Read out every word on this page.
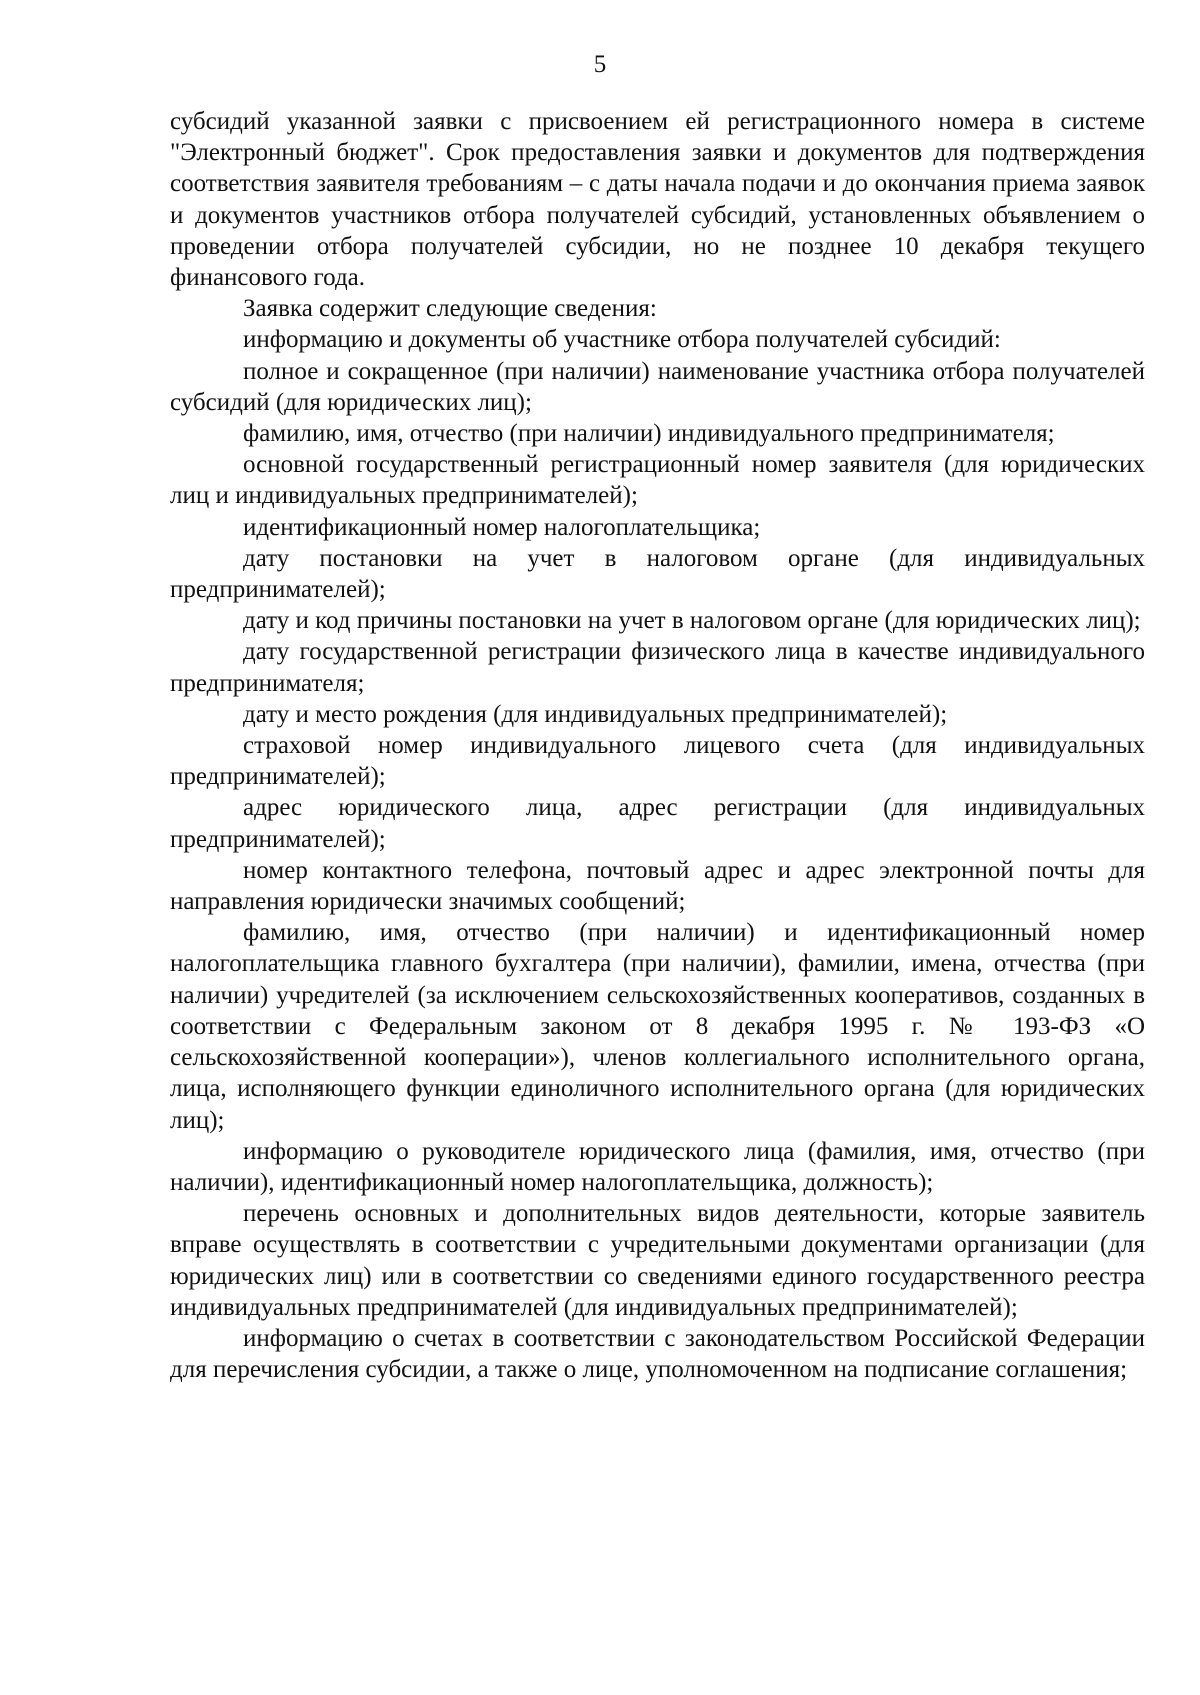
5

субсидий указанной заявки с присвоением ей регистрационного номера в системе "Электронный бюджет". Срок предоставления заявки и документов для подтверждения соответствия заявителя требованиям – с даты начала подачи и до окончания приема заявок и документов участников отбора получателей субсидий, установленных объявлением о проведении отбора получателей субсидии, но не позднее 10 декабря текущего финансового года.

Заявка содержит следующие сведения:

информацию и документы об участнике отбора получателей субсидий:

полное и сокращенное (при наличии) наименование участника отбора получателей субсидий (для юридических лиц);

фамилию, имя, отчество (при наличии) индивидуального предпринимателя;

основной государственный регистрационный номер заявителя (для юридических лиц и индивидуальных предпринимателей);

идентификационный номер налогоплательщика;

дату постановки на учет в налоговом органе (для индивидуальных предпринимателей);

дату и код причины постановки на учет в налоговом органе (для юридических лиц);

дату государственной регистрации физического лица в качестве индивидуального предпринимателя;

дату и место рождения (для индивидуальных предпринимателей);

страховой номер индивидуального лицевого счета (для индивидуальных предпринимателей);

адрес юридического лица, адрес регистрации (для индивидуальных предпринимателей);

номер контактного телефона, почтовый адрес и адрес электронной почты для направления юридически значимых сообщений;

фамилию, имя, отчество (при наличии) и идентификационный номер налогоплательщика главного бухгалтера (при наличии), фамилии, имена, отчества (при наличии) учредителей (за исключением сельскохозяйственных кооперативов, созданных в соответствии с Федеральным законом от 8 декабря 1995 г. № 193-ФЗ «О сельскохозяйственной кооперации»), членов коллегиального исполнительного органа, лица, исполняющего функции единоличного исполнительного органа (для юридических лиц);

информацию о руководителе юридического лица (фамилия, имя, отчество (при наличии), идентификационный номер налогоплательщика, должность);

перечень основных и дополнительных видов деятельности, которые заявитель вправе осуществлять в соответствии с учредительными документами организации (для юридических лиц) или в соответствии со сведениями единого государственного реестра индивидуальных предпринимателей (для индивидуальных предпринимателей);

информацию о счетах в соответствии с законодательством Российской Федерации для перечисления субсидии, а также о лице, уполномоченном на подписание соглашения;
